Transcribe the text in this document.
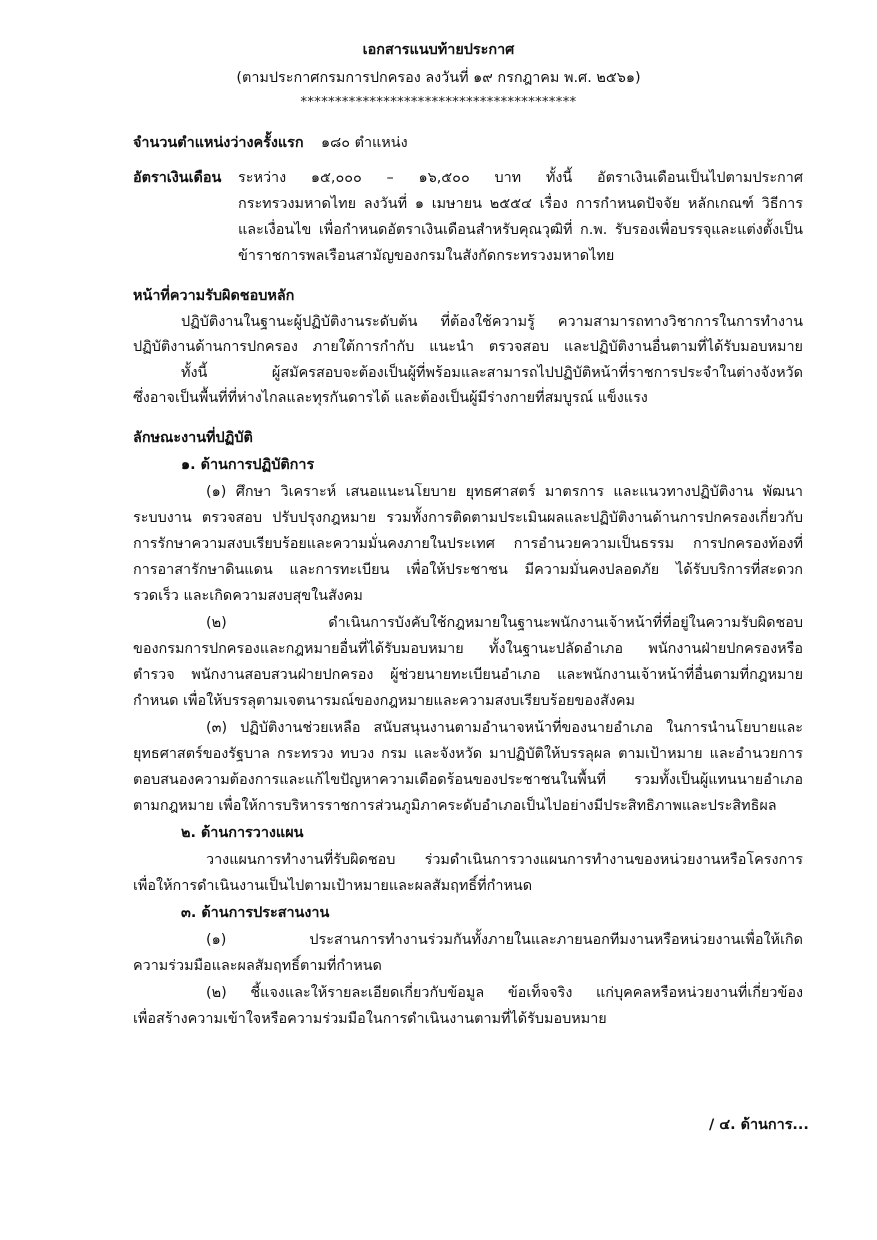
เอกสารแนบท้ายประกาศ
(ตามประกาศกรมการปกครอง ลงวันที่ ๑๙ กรกฎาคม พ.ศ. ๒๕๖๑)
****************************************
จำนวนตำแหน่งว่างครั้งแรก ๑๘๐ ตำแหน่ง
อัตราเงินเดือน ระหว่าง ๑๕,๐๐๐ – ๑๖,๕๐๐ บาท ทั้งนี้ อัตราเงินเดือนเป็นไปตามประกาศ
กระทรวงมหาดไทย ลงวันที่ ๑ เมษายน ๒๕๕๔ เรื่อง การกำหนดปัจจัย หลักเกณฑ์ วิธีการ
และเงื่อนไข เพื่อกำหนดอัตราเงินเดือนสำหรับคุณวุฒิที่ ก.พ. รับรองเพื่อบรรจุและแต่งตั้งเป็น
ข้าราชการพลเรือนสามัญของกรมในสังกัดกระทรวงมหาดไทย
หน้าที่ความรับผิดชอบหลัก
ปฏิบัติงานในฐานะผู้ปฏิบัติงานระดับต้น ที่ต้องใช้ความรู้ ความสามารถทางวิชาการในการทำงาน
ปฏิบัติงานด้านการปกครอง ภายใต้การกำกับ แนะนำ ตรวจสอบ และปฏิบัติงานอื่นตามที่ได้รับมอบหมาย
ทั้งนี้ ผู้สมัครสอบจะต้องเป็นผู้ที่พร้อมและสามารถไปปฏิบัติหน้าที่ราชการประจำในต่างจังหวัด
ซึ่งอาจเป็นพื้นที่ที่ห่างไกลและทุรกันดารได้ และต้องเป็นผู้มีร่างกายที่สมบูรณ์ แข็งแรง
ลักษณะงานที่ปฏิบัติ
๑. ด้านการปฏิบัติการ
(๑) ศึกษา วิเคราะห์ เสนอแนะนโยบาย ยุทธศาสตร์ มาตรการ และแนวทางปฏิบัติงาน พัฒนา
ระบบงาน ตรวจสอบ ปรับปรุงกฎหมาย รวมทั้งการติดตามประเมินผลและปฏิบัติงานด้านการปกครองเกี่ยวกับ
การรักษาความสงบเรียบร้อยและความมั่นคงภายในประเทศ การอำนวยความเป็นธรรม การปกครองท้องที่
การอาสารักษาดินแดน และการทะเบียน เพื่อให้ประชาชน มีความมั่นคงปลอดภัย ได้รับบริการที่สะดวก
รวดเร็ว และเกิดความสงบสุขในสังคม
(๒) ดำเนินการบังคับใช้กฎหมายในฐานะพนักงานเจ้าหน้าที่ที่อยู่ในความรับผิดชอบ
ของกรมการปกครองและกฎหมายอื่นที่ได้รับมอบหมาย ทั้งในฐานะปลัดอำเภอ พนักงานฝ่ายปกครองหรือ
ตำรวจ พนักงานสอบสวนฝ่ายปกครอง ผู้ช่วยนายทะเบียนอำเภอ และพนักงานเจ้าหน้าที่อื่นตามที่กฎหมาย
กำหนด เพื่อให้บรรลุตามเจตนารมณ์ของกฎหมายและความสงบเรียบร้อยของสังคม
(๓) ปฏิบัติงานช่วยเหลือ สนับสนุนงานตามอำนาจหน้าที่ของนายอำเภอ ในการนำนโยบายและ
ยุทธศาสตร์ของรัฐบาล กระทรวง ทบวง กรม และจังหวัด มาปฏิบัติให้บรรลุผล ตามเป้าหมาย และอำนวยการ
ตอบสนองความต้องการและแก้ไขปัญหาความเดือดร้อนของประชาชนในพื้นที่ รวมทั้งเป็นผู้แทนนายอำเภอ
ตามกฎหมาย เพื่อให้การบริหารราชการส่วนภูมิภาคระดับอำเภอเป็นไปอย่างมีประสิทธิภาพและประสิทธิผล
๒. ด้านการวางแผน
วางแผนการทำงานที่รับผิดชอบ ร่วมดำเนินการวางแผนการทำงานของหน่วยงานหรือโครงการ
เพื่อให้การดำเนินงานเป็นไปตามเป้าหมายและผลสัมฤทธิ์ที่กำหนด
๓. ด้านการประสานงาน
(๑) ประสานการทำงานร่วมกันทั้งภายในและภายนอกทีมงานหรือหน่วยงานเพื่อให้เกิด
ความร่วมมือและผลสัมฤทธิ์ตามที่กำหนด
(๒) ชี้แจงและให้รายละเอียดเกี่ยวกับข้อมูล ข้อเท็จจริง แก่บุคคลหรือหน่วยงานที่เกี่ยวข้อง
เพื่อสร้างความเข้าใจหรือความร่วมมือในการดำเนินงานตามที่ได้รับมอบหมาย
/ ๔. ด้านการ...
